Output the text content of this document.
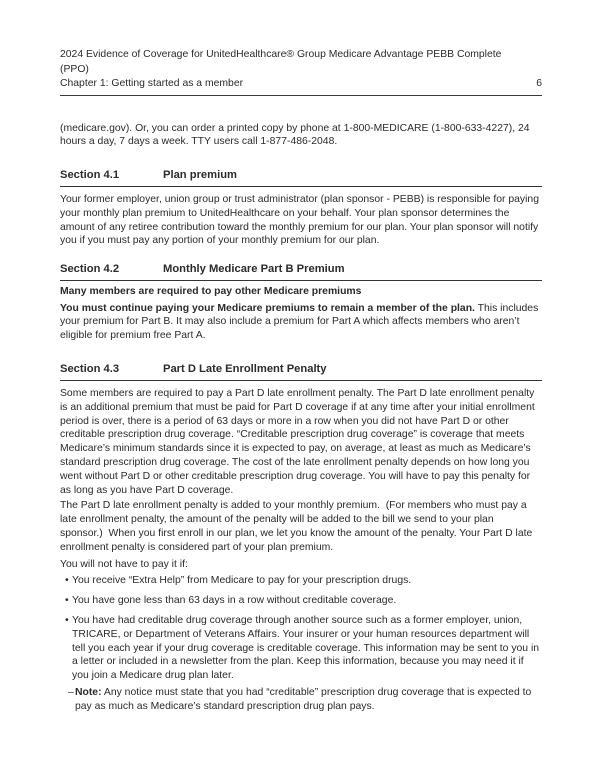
2024 Evidence of Coverage for UnitedHealthcare® Group Medicare Advantage PEBB Complete
(PPO)
Chapter 1: Getting started as a member	6

(medicare.gov). Or, you can order a printed copy by phone at 1-800-MEDICARE (1-800-633-4227), 24 hours a day, 7 days a week. TTY users call 1-877-486-2048.

Section 4.1	Plan premium

Your former employer, union group or trust administrator (plan sponsor - PEBB) is responsible for paying your monthly plan premium to UnitedHealthcare on your behalf. Your plan sponsor determines the amount of any retiree contribution toward the monthly premium for our plan. Your plan sponsor will notify you if you must pay any portion of your monthly premium for our plan.

Section 4.2	Monthly Medicare Part B Premium

Many members are required to pay other Medicare premiums

You must continue paying your Medicare premiums to remain a member of the plan. This includes your premium for Part B. It may also include a premium for Part A which affects members who aren’t eligible for premium free Part A.

Section 4.3	Part D Late Enrollment Penalty

Some members are required to pay a Part D late enrollment penalty. The Part D late enrollment penalty is an additional premium that must be paid for Part D coverage if at any time after your initial enrollment period is over, there is a period of 63 days or more in a row when you did not have Part D or other creditable prescription drug coverage. “Creditable prescription drug coverage” is coverage that meets Medicare’s minimum standards since it is expected to pay, on average, at least as much as Medicare’s standard prescription drug coverage. The cost of the late enrollment penalty depends on how long you went without Part D or other creditable prescription drug coverage. You will have to pay this penalty for as long as you have Part D coverage.

The Part D late enrollment penalty is added to your monthly premium.  (For members who must pay a late enrollment penalty, the amount of the penalty will be added to the bill we send to your plan sponsor.)  When you first enroll in our plan, we let you know the amount of the penalty. Your Part D late enrollment penalty is considered part of your plan premium.

You will not have to pay it if:

• You receive “Extra Help” from Medicare to pay for your prescription drugs.
• You have gone less than 63 days in a row without creditable coverage.
• You have had creditable drug coverage through another source such as a former employer, union, TRICARE, or Department of Veterans Affairs. Your insurer or your human resources department will tell you each year if your drug coverage is creditable coverage. This information may be sent to you in a letter or included in a newsletter from the plan. Keep this information, because you may need it if you join a Medicare drug plan later.
– Note: Any notice must state that you had “creditable” prescription drug coverage that is expected to pay as much as Medicare’s standard prescription drug plan pays.
